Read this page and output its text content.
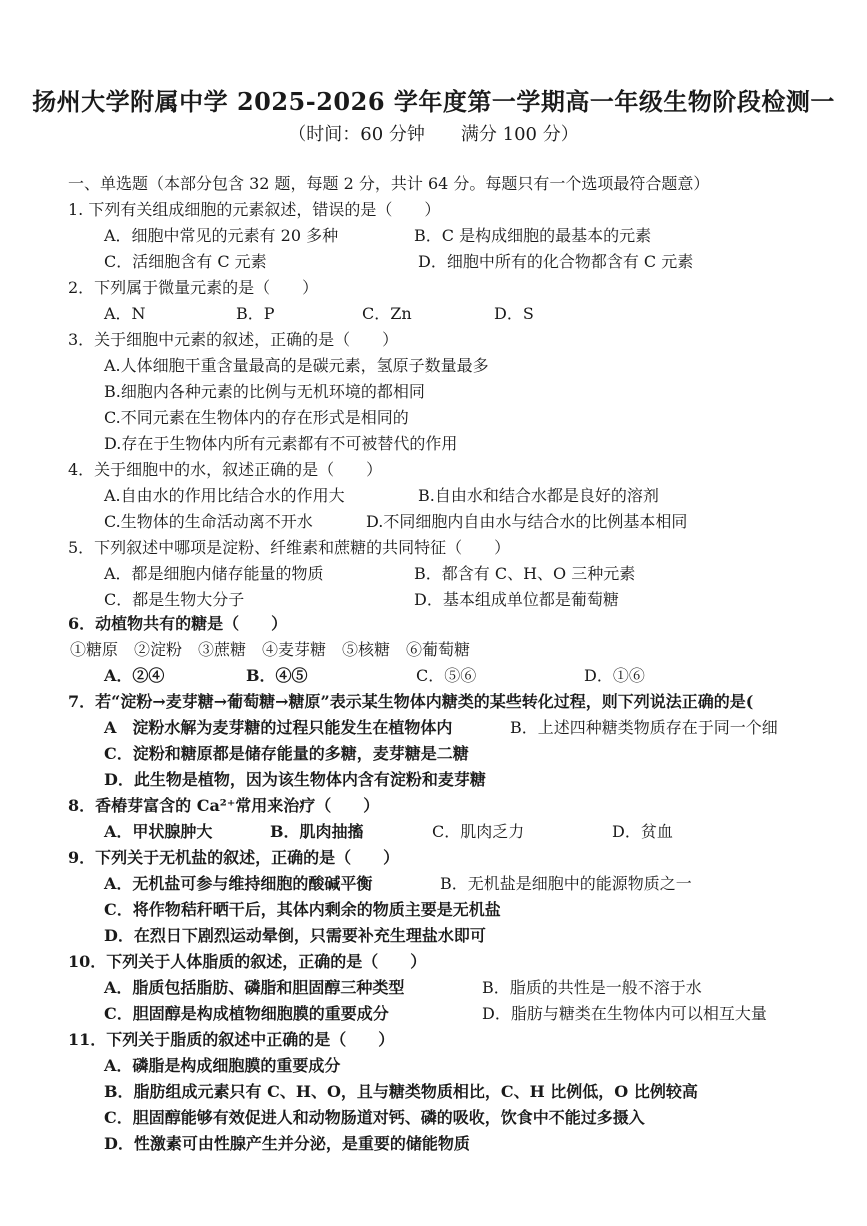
扬州大学附属中学 2025-2026 学年度第一学期高一年级生物阶段检测一
（时间：60 分钟 满分 100 分）
一、单选题（本部分包含 32 题，每题 2 分，共计 64 分。每题只有一个选项最符合题意）
1. 下列有关组成细胞的元素叙述，错误的是（　　）
A．细胞中常见的元素有 20 多种	B．C 是构成细胞的最基本的元素
C．活细胞含有 C 元素	D．细胞中所有的化合物都含有 C 元素
2．下列属于微量元素的是（　　）
A．N	B．P	C．Zn	D．S
3．关于细胞中元素的叙述，正确的是（　　）
A.人体细胞干重含量最高的是碳元素，氢原子数量最多
B.细胞内各种元素的比例与无机环境的都相同
C.不同元素在生物体内的存在形式是相同的
D.存在于生物体内所有元素都有不可被替代的作用
4．关于细胞中的水，叙述正确的是（　　）
A.自由水的作用比结合水的作用大	B.自由水和结合水都是良好的溶剂
C.生物体的生命活动离不开水	D.不同细胞内自由水与结合水的比例基本相同
5．下列叙述中哪项是淀粉、纤维素和蔗糖的共同特征（　　）
A．都是细胞内储存能量的物质	B．都含有 C、H、O 三种元素
C．都是生物大分子	D．基本组成单位都是葡萄糖
6．动植物共有的糖是（　　）
①糖原　②淀粉　③蔗糖　④麦芽糖　⑤核糖　⑥葡萄糖
A．②④	B．④⑤	C．⑤⑥	D．①⑥
7．若“淀粉→麦芽糖→葡萄糖→糖原”表示某生物体内糖类的某些转化过程，则下列说法正确的是(
A　淀粉水解为麦芽糖的过程只能发生在植物体内	B．上述四种糖类物质存在于同一个细
C．淀粉和糖原都是储存能量的多糖，麦芽糖是二糖
D．此生物是植物，因为该生物体内含有淀粉和麦芽糖
8．香椿芽富含的 Ca²⁺常用来治疗（　　）
A．甲状腺肿大	B．肌肉抽搐	C．肌肉乏力	D．贫血
9．下列关于无机盐的叙述，正确的是（　　）
A．无机盐可参与维持细胞的酸碱平衡	B．无机盐是细胞中的能源物质之一
C．将作物秸秆晒干后，其体内剩余的物质主要是无机盐
D．在烈日下剧烈运动晕倒，只需要补充生理盐水即可
10．下列关于人体脂质的叙述，正确的是（　　）
A．脂质包括脂肪、磷脂和胆固醇三种类型	B．脂质的共性是一般不溶于水
C．胆固醇是构成植物细胞膜的重要成分	D．脂肪与糖类在生物体内可以相互大量
11．下列关于脂质的叙述中正确的是（　　）
A．磷脂是构成细胞膜的重要成分
B．脂肪组成元素只有 C、H、O，且与糖类物质相比，C、H 比例低，O 比例较高
C．胆固醇能够有效促进人和动物肠道对钙、磷的吸收，饮食中不能过多摄入
D．性激素可由性腺产生并分泌，是重要的储能物质
